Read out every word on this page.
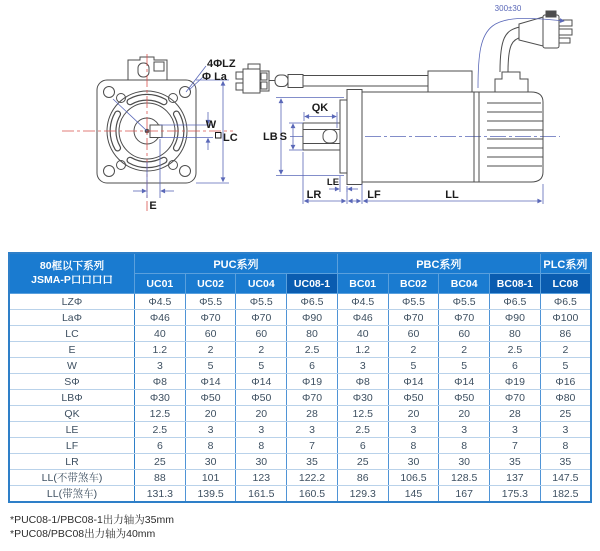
4ΦLZ
Φ La
W
LC
E
LB S
QK
LE
LR	LF	LL
300±30
80框以下系列
JSMA-P口口口口	PUC系列				PBC系列				PLC系列
	UC01	UC02	UC04	UC08-1	BC01	BC02	BC04	BC08-1	LC08
LZΦ	Φ4.5	Φ5.5	Φ5.5	Φ6.5	Φ4.5	Φ5.5	Φ5.5	Φ6.5	Φ6.5
LaΦ	Φ46	Φ70	Φ70	Φ90	Φ46	Φ70	Φ70	Φ90	Φ100
LC	40	60	60	80	40	60	60	80	86
E	1.2	2	2	2.5	1.2	2	2	2.5	2
W	3	5	5	6	3	5	5	6	5
SΦ	Φ8	Φ14	Φ14	Φ19	Φ8	Φ14	Φ14	Φ19	Φ16
LBΦ	Φ30	Φ50	Φ50	Φ70	Φ30	Φ50	Φ50	Φ70	Φ80
QK	12.5	20	20	28	12.5	20	20	28	25
LE	2.5	3	3	3	2.5	3	3	3	3
LF	6	8	8	7	6	8	8	7	8
LR	25	30	30	35	25	30	30	35	35
LL(不带煞车)	88	101	123	122.2	86	106.5	128.5	137	147.5
LL(带煞车)	131.3	139.5	161.5	160.5	129.3	145	167	175.3	182.5
*PUC08-1/PBC08-1出力轴为35mm
*PUC08/PBC08出力轴为40mm
